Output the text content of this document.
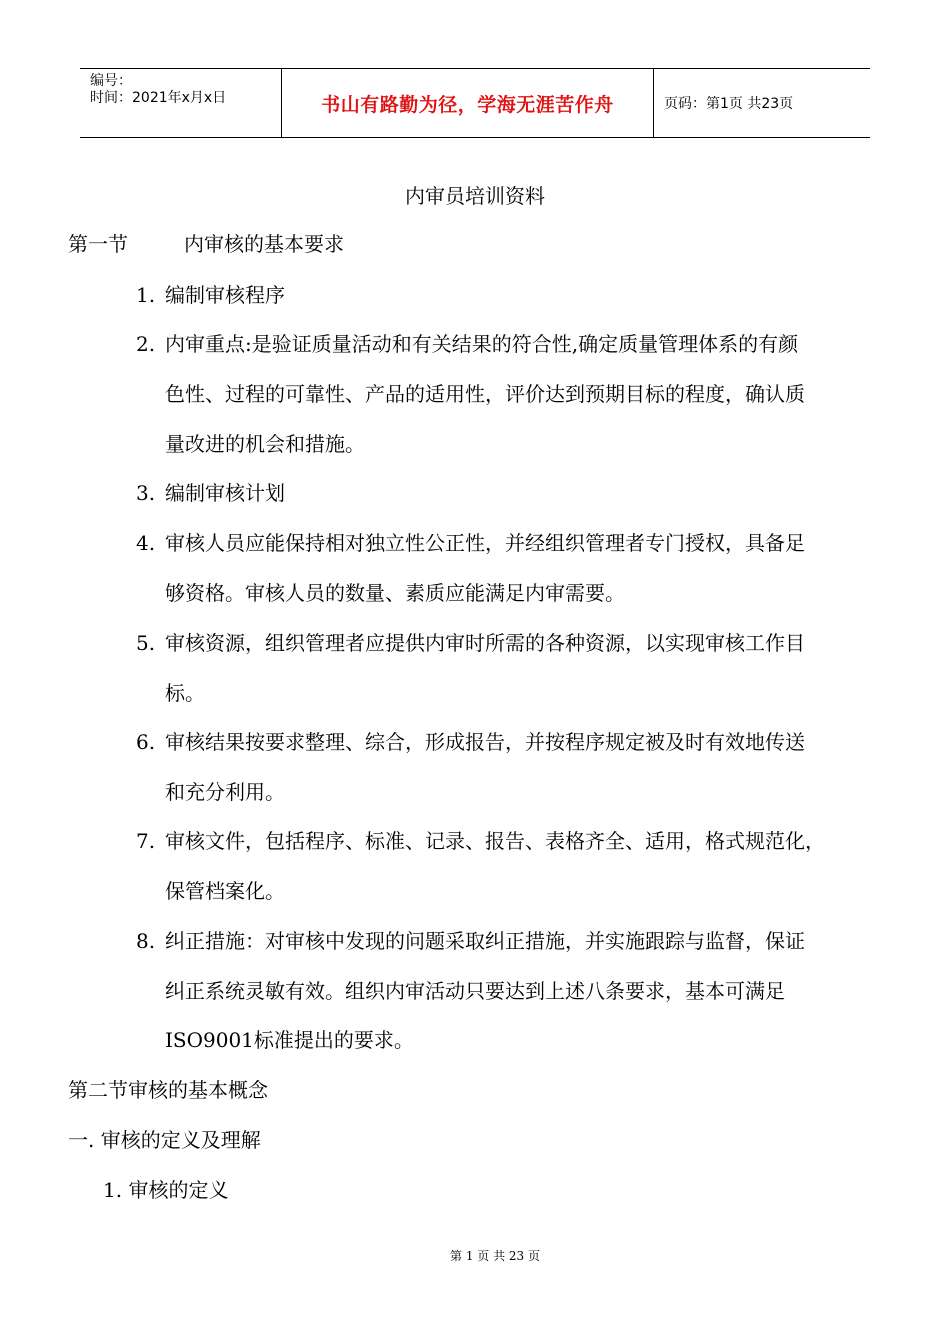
编号：
时间：2021年x月x日	书山有路勤为径，学海无涯苦作舟	页码：第1页 共23页
内审员培训资料
第一节	内审核的基本要求
1. 编制审核程序
2. 内审重点:是验证质量活动和有关结果的符合性,确定质量管理体系的有颜
色性、过程的可靠性、产品的适用性，评价达到预期目标的程度，确认质
量改进的机会和措施。
3. 编制审核计划
4. 审核人员应能保持相对独立性公正性，并经组织管理者专门授权，具备足
够资格。审核人员的数量、素质应能满足内审需要。
5. 审核资源，组织管理者应提供内审时所需的各种资源，以实现审核工作目
标。
6. 审核结果按要求整理、综合，形成报告，并按程序规定被及时有效地传送
和充分利用。
7. 审核文件，包括程序、标准、记录、报告、表格齐全、适用，格式规范化，
保管档案化。
8. 纠正措施：对审核中发现的问题采取纠正措施，并实施跟踪与监督，保证
纠正系统灵敏有效。组织内审活动只要达到上述八条要求，基本可满足
ISO9001标准提出的要求。
第二节审核的基本概念
一. 审核的定义及理解
1. 审核的定义
第 1 页 共 23 页
